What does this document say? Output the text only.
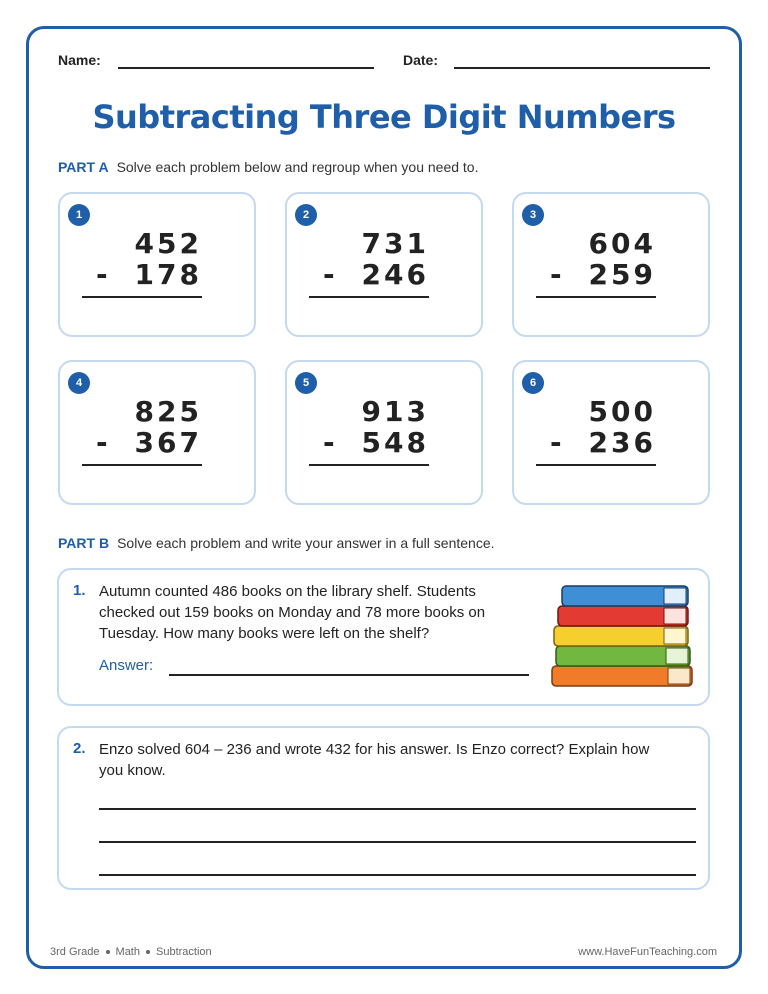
Name:	Date:
Subtracting Three Digit Numbers
PART A Solve each problem below and regroup when you need to.
1
452
- 178
2
731
- 246
3
604
- 259
4
825
- 367
5
913
- 548
6
500
- 236
PART B Solve each problem and write your answer in a full sentence.
1. Autumn counted 486 books on the library shelf. Students
checked out 159 books on Monday and 78 more books on
Tuesday. How many books were left on the shelf?
Answer:
2. Enzo solved 604 – 236 and wrote 432 for his answer. Is Enzo correct? Explain how
you know.
3rd Grade Math Subtraction	www.HaveFunTeaching.com
